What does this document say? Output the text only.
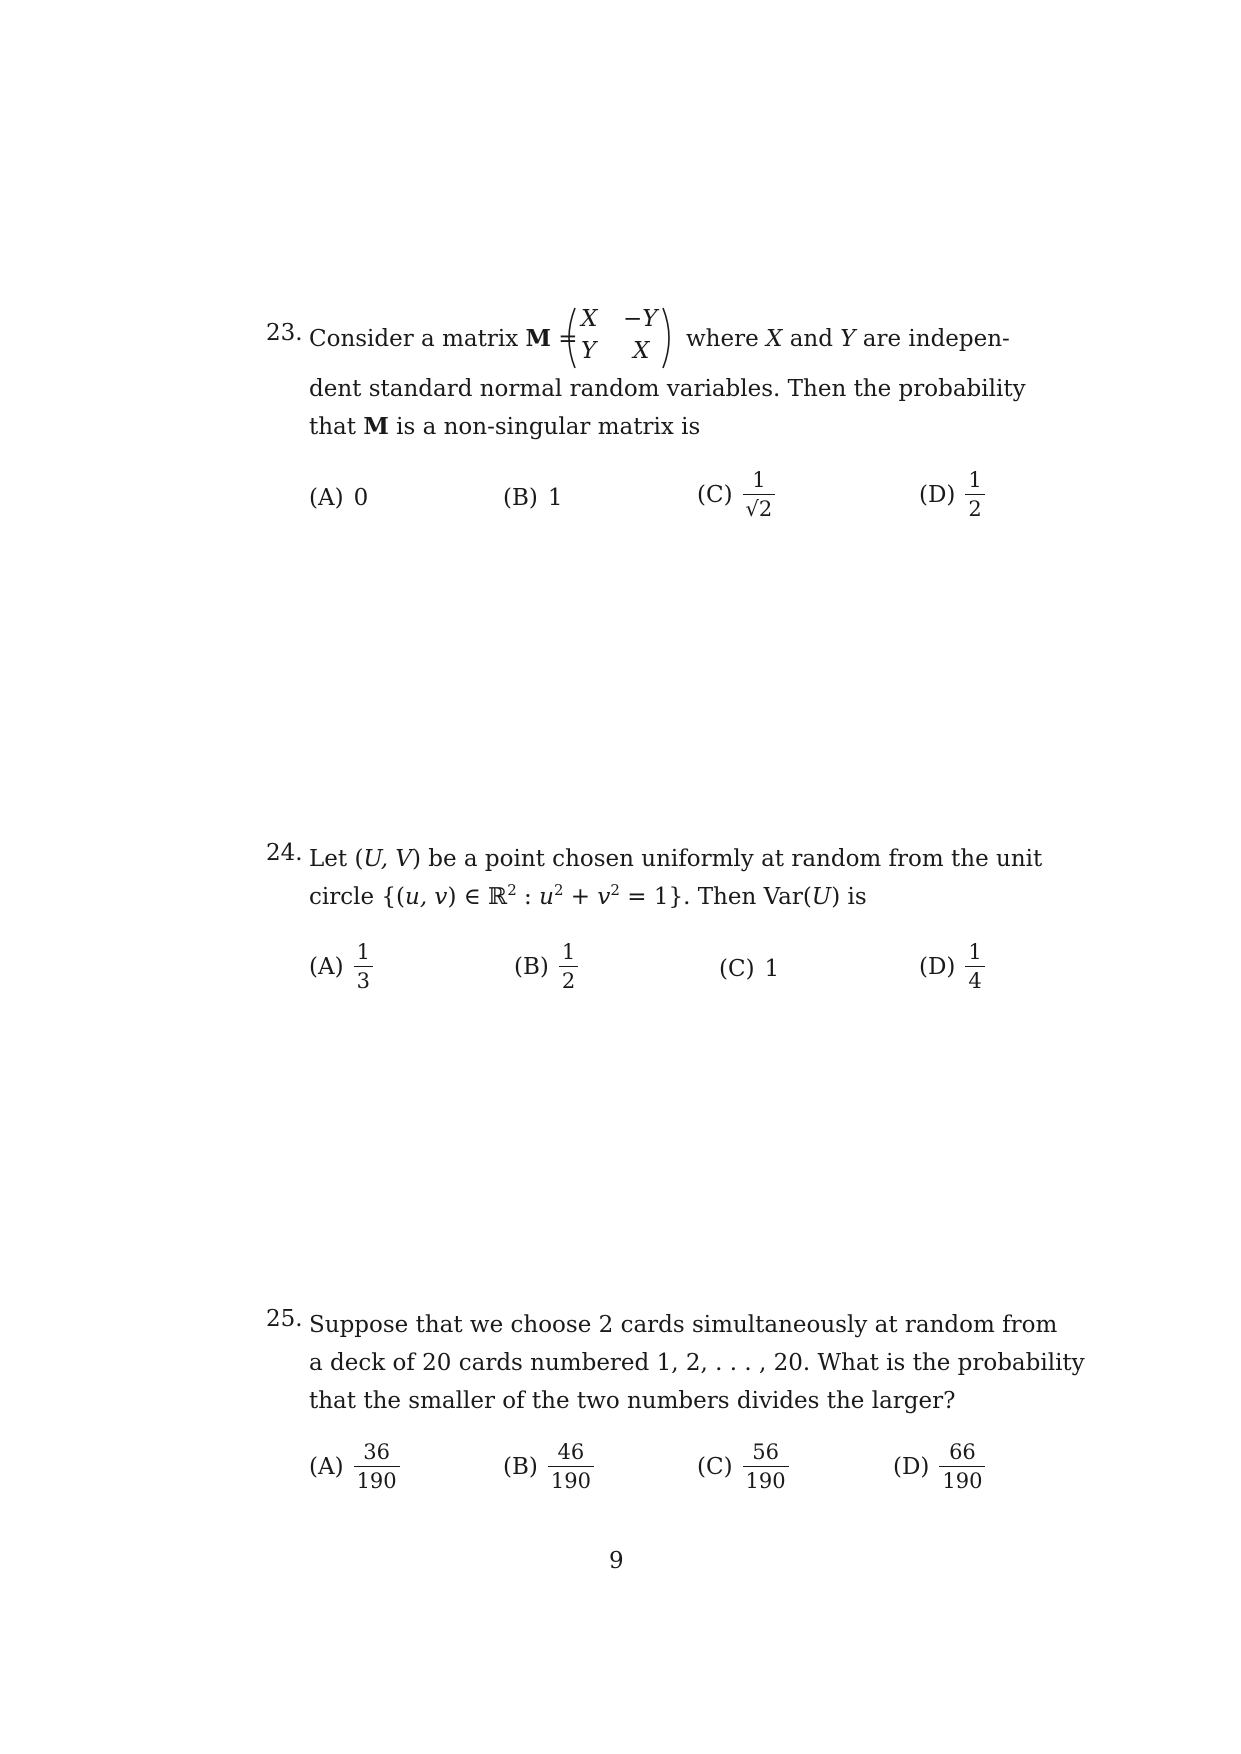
23. Consider a matrix M =
X −Y
Y X where X and Y are indepen-
dent standard normal random variables. Then the probability
that M is a non-singular matrix is
(A) 0	(B) 1	$(C) \frac{1}{√2}$	$(D) \frac{1}{2}$
24. Let (U, V) be a point chosen uniformly at random from the unit
circle {(u, v) ∈ ℝ$^2$ : $u^2 + v^2 = 1$}. Then Var(U) is
$(A) \frac{1}{3}$	$(B) \frac{1}{2}$	(C) 1	$(D) \frac{1}{4}$
25. Suppose that we choose 2 cards simultaneously at random from
a deck of 20 cards numbered 1, 2, . . . , 20. What is the probability
that the smaller of the two numbers divides the larger?
$(A) \frac{36}{190}$	$(B) \frac{46}{190}$	$(C) \frac{56}{190}$	$(D) \frac{66}{190}$
9
